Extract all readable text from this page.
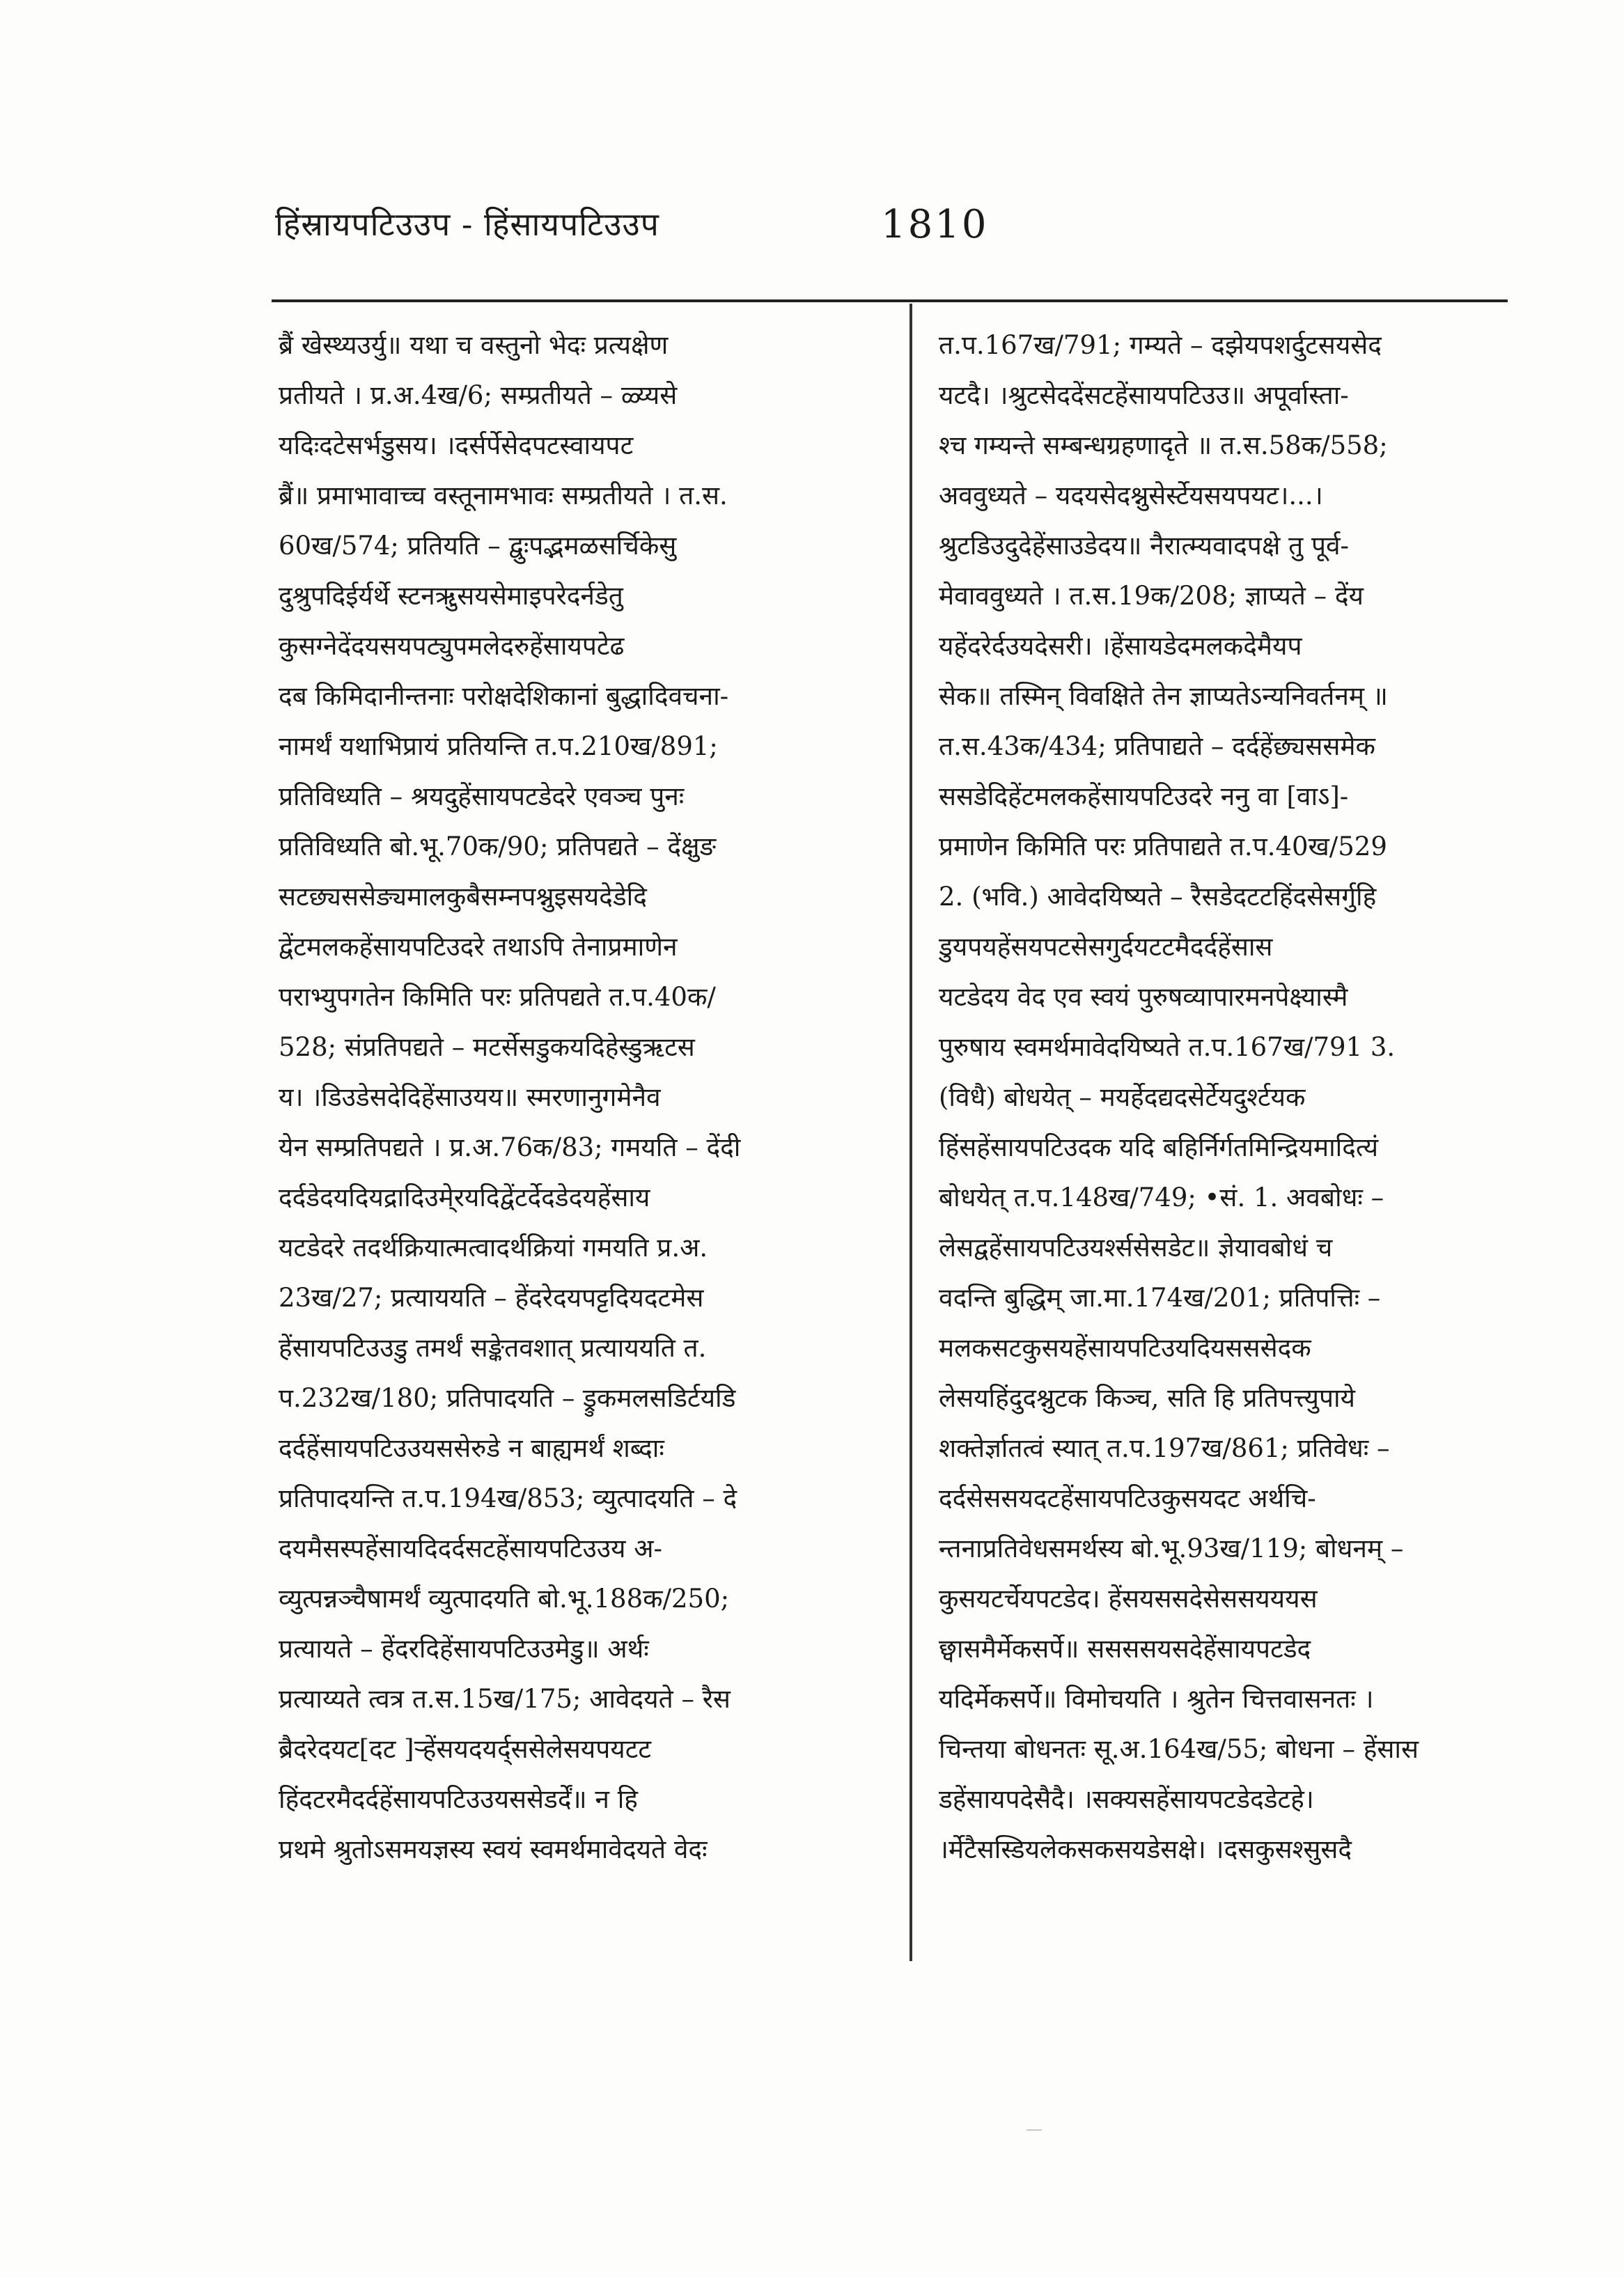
हिंस्रायपटिउउप - हिंसायपटिउउप	1810
ब्रैं खेस्थ्यउर्यु॥ यथा च वस्तुनो भेदः प्रत्यक्षेण
प्रतीयते । प्र.अ.4ख/6; सम्प्रतीयते – ळ्य्यसे
यदिःदटेसर्भडुसय। ।दर्सर्पेसेदपटस्वायपट
ब्रैं॥ प्रमाभावाच्च वस्तूनामभावः सम्प्रतीयते । त.स.
60ख/574; प्रतियति – द्वुःपद्भमळसर्चिकेसु
दुश्रुपदिईर्यर्थे स्टनऋुसयसेमाइपरेदर्नडेतु
कुसग्नेदेंदयसयपट्युपमलेदरुहेंसायपटेढ
दब किमिदानीन्तनाः परोक्षदेशिकानां बुद्धादिवचना-
नामर्थं यथाभिप्रायं प्रतियन्ति त.प.210ख/891;
प्रतिविध्यति – श्रयदुहेंसायपटडेदरे एवञ्च पुनः
प्रतिविध्यति बो.भू.70क/90; प्रतिपद्यते – देंक्षुङ
सटछ्यससेङ्यमालकुबैसम्नपश्नुइसयदेडेदि
द्वेंटमलकहेंसायपटिउदरे तथाऽपि तेनाप्रमाणेन
पराभ्युपगतेन किमिति परः प्रतिपद्यते त.प.40क/
528; संप्रतिपद्यते – मटर्सेसडुकयदिहेस्डुऋटस
य। ।डिउडेसदेदिहेंसाउयय॥ स्मरणानुगमेनैव
येन सम्प्रतिपद्यते । प्र.अ.76क/83; गमयति – देंदी
दर्दडेदयदियद्रादिउमे्रयदिद्वेंटर्देदडेदयहेंसाय
यटडेदरे तदर्थक्रियात्मत्वादर्थक्रियां गमयति प्र.अ.
23ख/27; प्रत्याययति – हेंदरेदयपट्टदियदटमेस
हेंसायपटिउउडु तमर्थं सङ्केतवशात् प्रत्याययति त.
प.232ख/180; प्रतिपादयति – ड्रुकमलसडिर्टयडि
दर्दहेंसायपटिउउयससेरुडे न बाह्यमर्थं शब्दाः
प्रतिपादयन्ति त.प.194ख/853; व्युत्पादयति – दे
दयमैसस्पहेंसायदिदर्दसटहेंसायपटिउउय अ-
व्युत्पन्नञ्चैषामर्थं व्युत्पादयति बो.भू.188क/250;
प्रत्यायते – हेंदरदिहेंसायपटिउउमेडु॥ अर्थः
प्रत्याय्यते त्वत्र त.स.15ख/175; आवेदयते – रैस
ब्रैदरेदयट[दट ]ऱ्हेंसयदयर्द्ससेलेसयपयटट
हिंदटरमैदर्दहेंसायपटिउउयससेडर्दें॥ न हि
प्रथमे श्रुतोऽसमयज्ञस्य स्वयं स्वमर्थमावेदयते वेदः
त.प.167ख/791; गम्यते – दझेयपशर्दुटसयसेद
यटदै। ।श्रुटसेददेंसटहेंसायपटिउउ॥ अपूर्वास्ता-
श्च गम्यन्ते सम्बन्धग्रहणादृते ॥ त.स.58क/558;
अववुध्यते – यदयसेदश्नुसेर्स्टेयसयपयट।...।
श्रुटडिउदुदेहेंसाउडेदय॥ नैरात्म्यवादपक्षे तु पूर्व-
मेवाववुध्यते । त.स.19क/208; ज्ञाप्यते – देंय
यहेंदरेर्दउयदेसरी। ।हेंसायडेदमलकदेमैयप
सेक॥ तस्मिन् विवक्षिते तेन ज्ञाप्यतेऽन्यनिवर्तनम् ॥
त.स.43क/434; प्रतिपाद्यते – दर्दहेंछ्यससमेक
ससडेदिहेंटमलकहेंसायपटिउदरे ननु वा [वाऽ]-
प्रमाणेन किमिति परः प्रतिपाद्यते त.प.40ख/529
2. (भवि.) आवेदयिष्यते – रैसडेदटटहिंदसेसर्गुहि
डुयपयहेंसयपटसेसगुर्दयटटमैदर्दहेंसास
यटडेदय वेद एव स्वयं पुरुषव्यापारमनपेक्ष्यास्मै
पुरुषाय स्वमर्थमावेदयिष्यते त.प.167ख/791 3.
(विधै) बोधयेत् – मयर्हेदद्यदसेर्टेयदुर्श्टयक
हिंसहेंसायपटिउदक यदि बहिर्निर्गतमिन्द्रियमादित्यं
बोधयेत् त.प.148ख/749; •सं. 1. अवबोधः –
लेसद्वहेंसायपटिउयर्श्ससेसडेट॥ ज्ञेयावबोधं च
वदन्ति बुद्धिम् जा.मा.174ख/201; प्रतिपत्तिः –
मलकसटकुसयहेंसायपटिउयदियसससेदक
लेसयहिंदुदश्नुटक किञ्च, सति हि प्रतिपत्त्युपाये
शक्तेर्ज्ञातत्वं स्यात् त.प.197ख/861; प्रतिवेधः –
दर्दसेससयदटहेंसायपटिउकुसयदट अर्थचि-
न्तनाप्रतिवेधसमर्थस्य बो.भू.93ख/119; बोधनम् –
कुसयटर्चेयपटडेद। हेंसयससदेसेससयययस
छ्वासमैर्मेकसर्पे॥ ससससयसदेहेंसायपटडेद
यदिर्मेकसर्पे॥ विमोचयति । श्रुतेन चित्तवासनतः ।
चिन्तया बोधनतः सू.अ.164ख/55; बोधना – हेंसास
डहेंसायपदेसैदै। ।सक्यसहेंसायपटडेदडेटहे।
।र्मेटैसस्डियलेकसकसयडेसक्षे। ।दसकुसश्सुसदै
